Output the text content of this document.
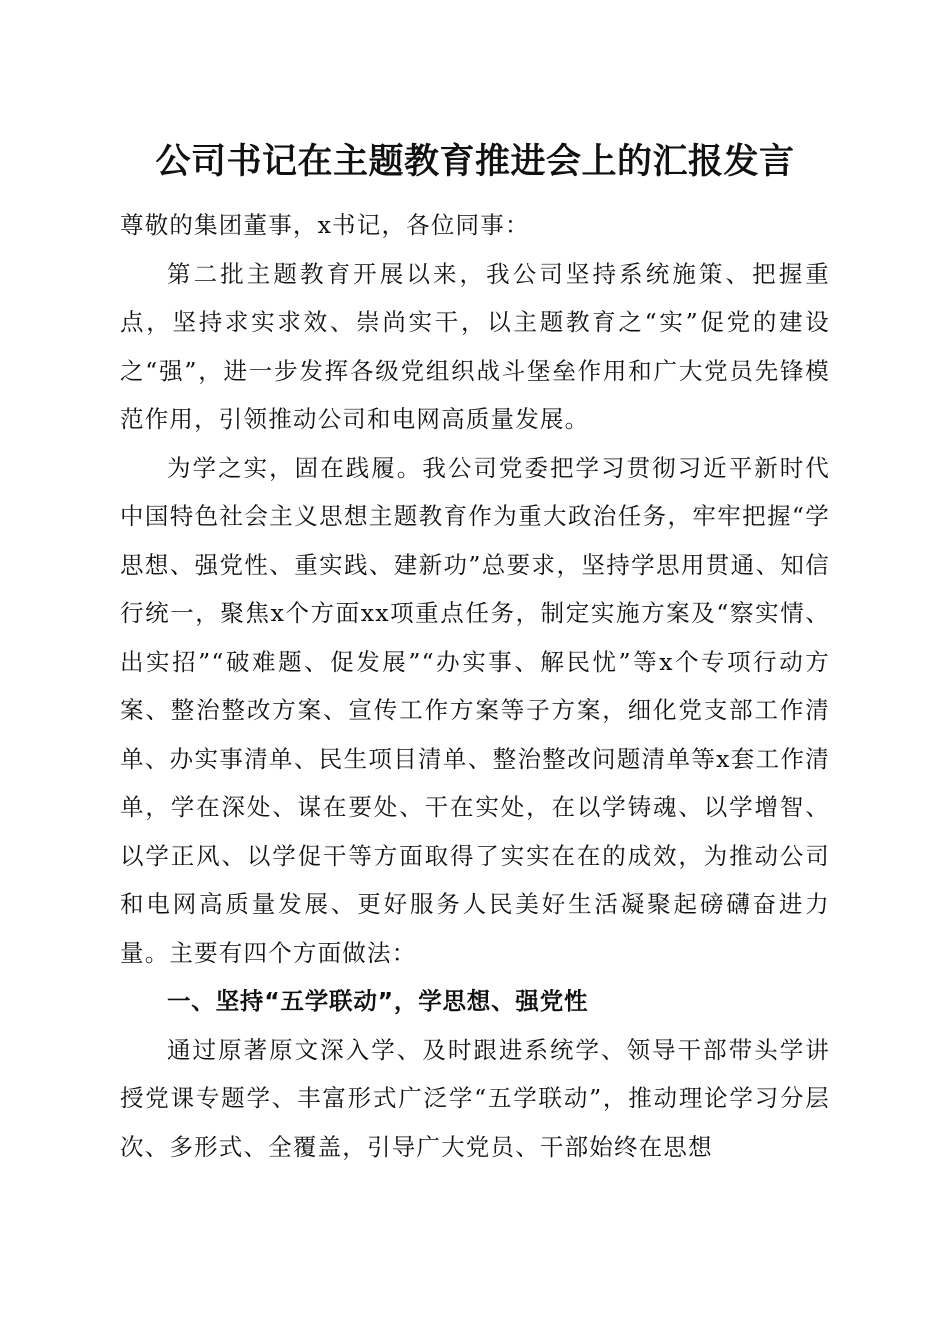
公司书记在主题教育推进会上的汇报发言

尊敬的集团董事，x书记，各位同事：

第二批主题教育开展以来，我公司坚持系统施策、把握重点，坚持求实求效、崇尚实干，以主题教育之“实”促党的建设之“强”，进一步发挥各级党组织战斗堡垒作用和广大党员先锋模范作用，引领推动公司和电网高质量发展。

为学之实，固在践履。我公司党委把学习贯彻习近平新时代中国特色社会主义思想主题教育作为重大政治任务，牢牢把握“学思想、强党性、重实践、建新功”总要求，坚持学思用贯通、知信行统一，聚焦x个方面xx项重点任务，制定实施方案及“察实情、出实招”“破难题、促发展”“办实事、解民忧”等x个专项行动方案、整治整改方案、宣传工作方案等子方案，细化党支部工作清单、办实事清单、民生项目清单、整治整改问题清单等x套工作清单，学在深处、谋在要处、干在实处，在以学铸魂、以学增智、以学正风、以学促干等方面取得了实实在在的成效，为推动公司和电网高质量发展、更好服务人民美好生活凝聚起磅礴奋进力量。主要有四个方面做法：

一、坚持“五学联动”，学思想、强党性

通过原著原文深入学、及时跟进系统学、领导干部带头学讲授党课专题学、丰富形式广泛学“五学联动”，推动理论学习分层次、多形式、全覆盖，引导广大党员、干部始终在思想
